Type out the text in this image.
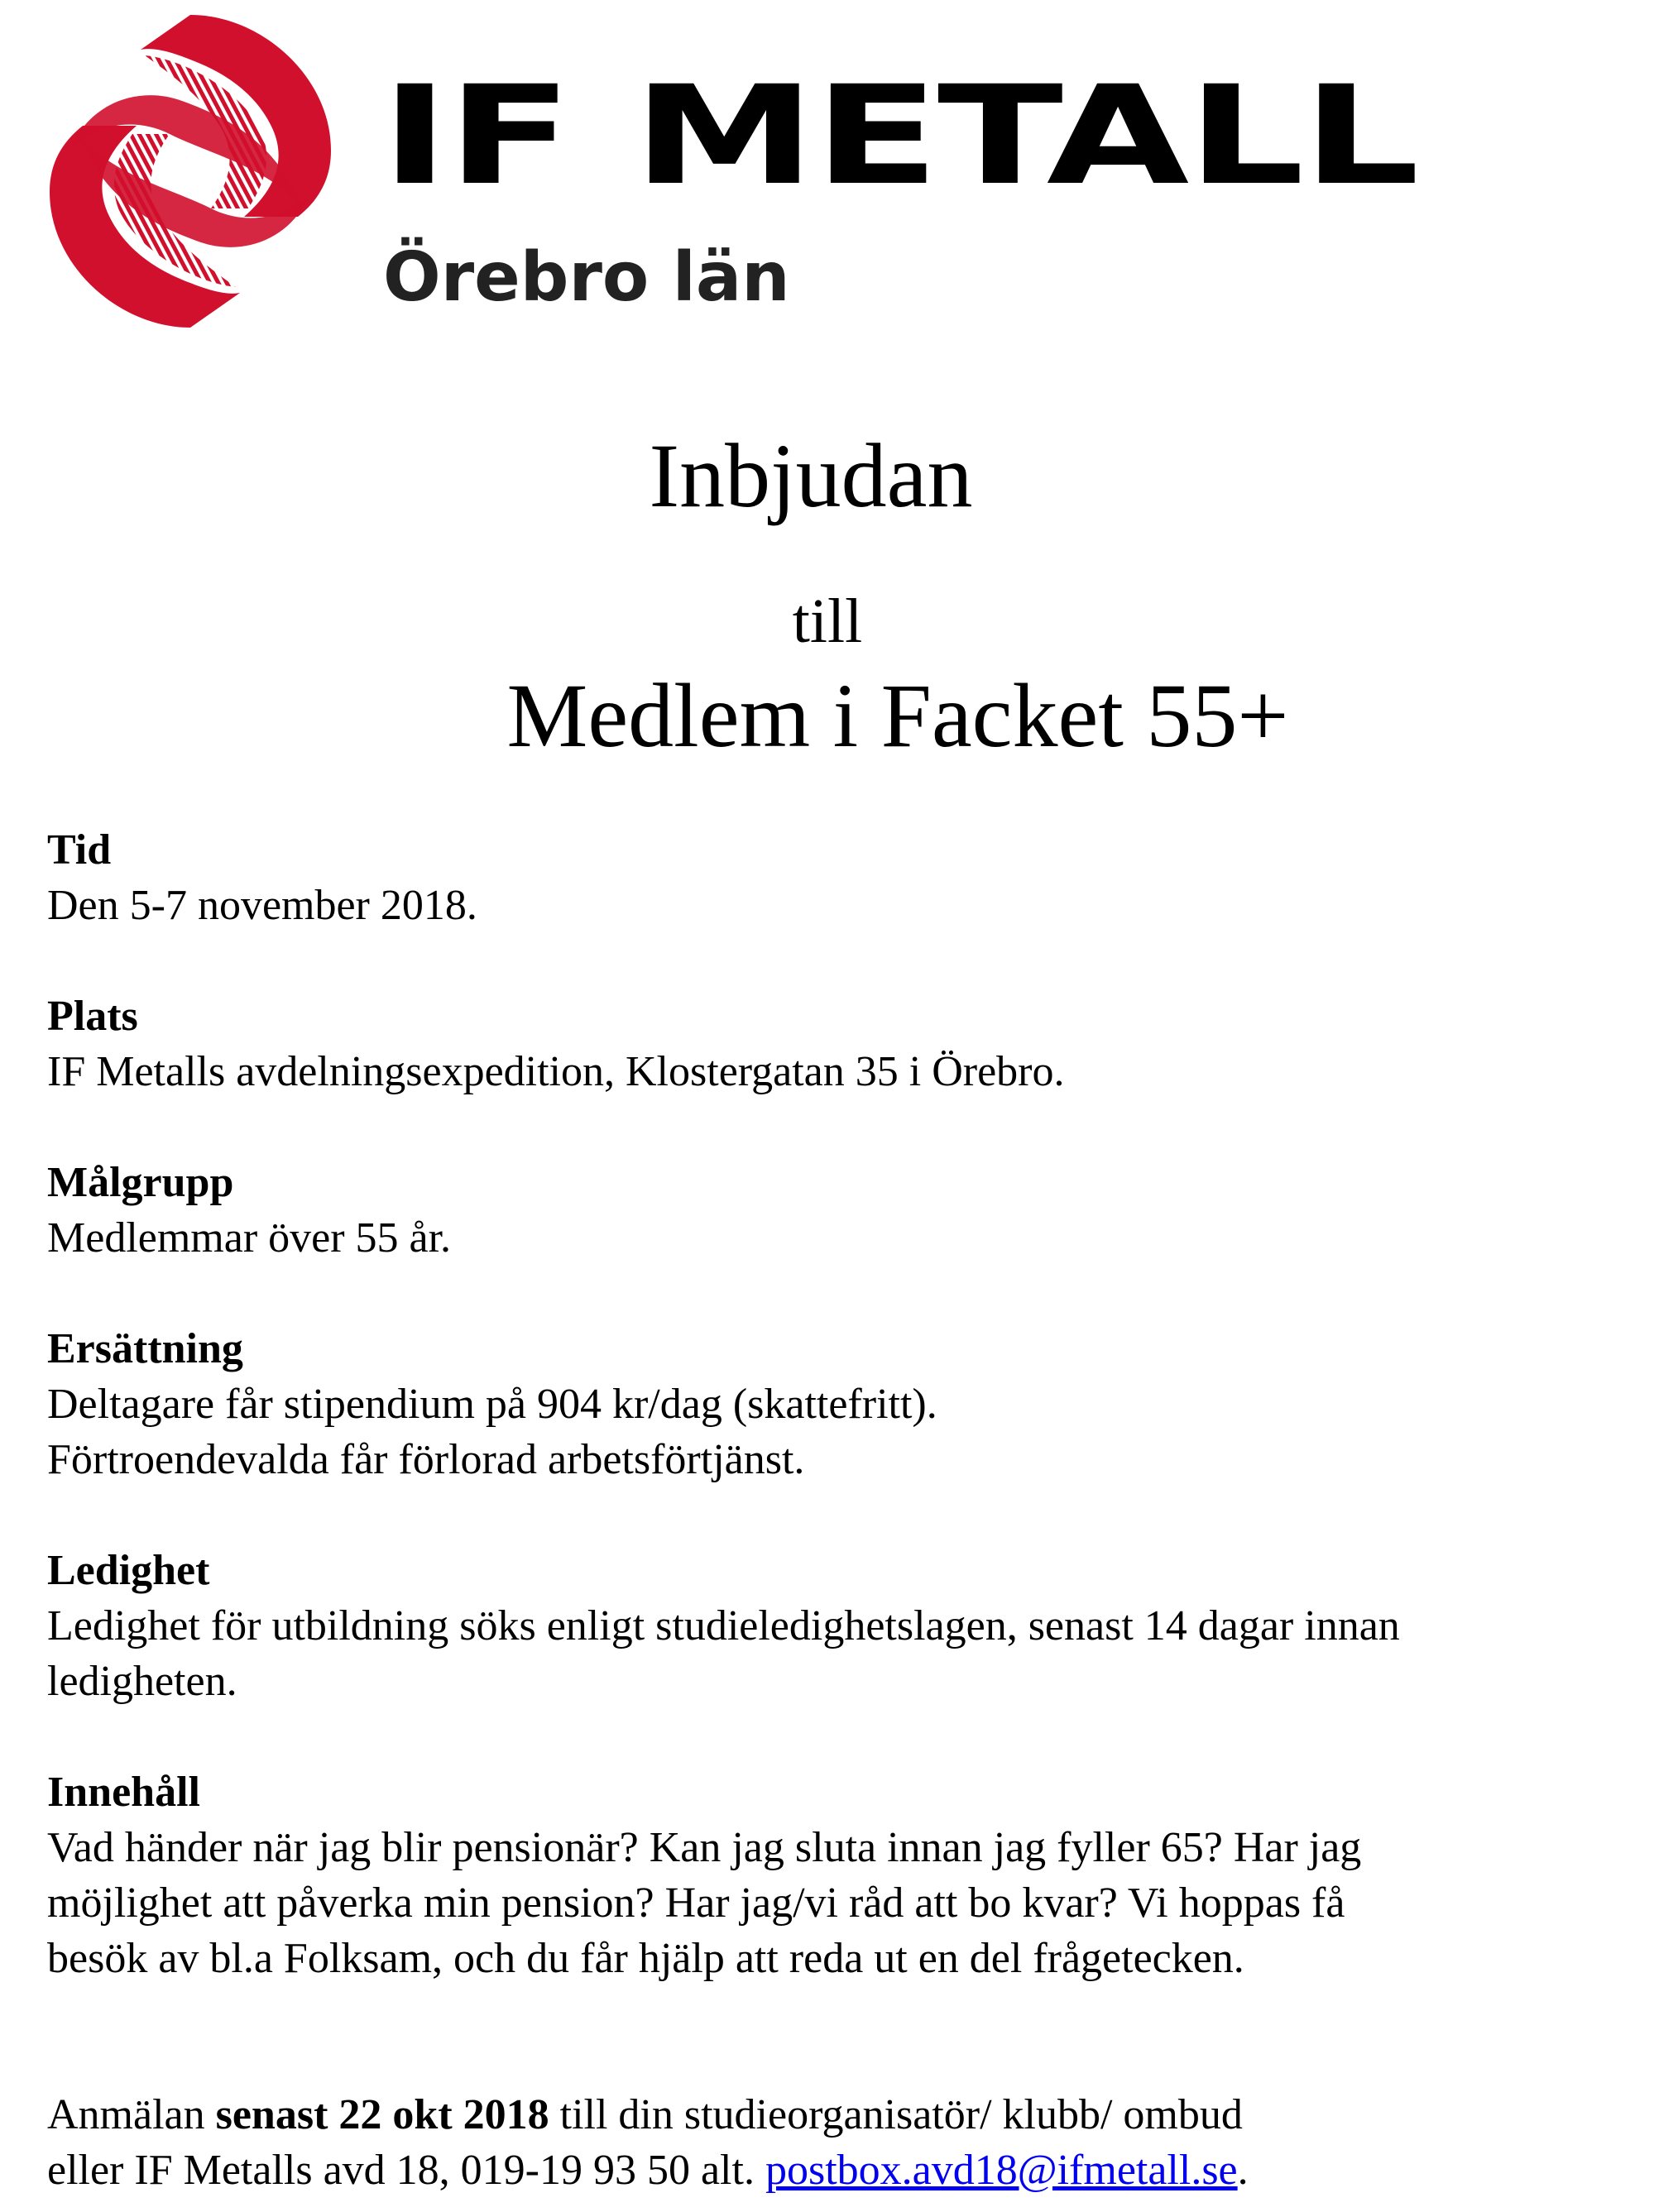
IF METALL
Örebro län
Inbjudan
till
Medlem i Facket 55+
Tid
Den 5-7 november 2018.
Plats
IF Metalls avdelningsexpedition, Klostergatan 35 i Örebro.
Målgrupp
Medlemmar över 55 år.
Ersättning
Deltagare får stipendium på 904 kr/dag (skattefritt).
Förtroendevalda får förlorad arbetsförtjänst.
Ledighet
Ledighet för utbildning söks enligt studieledighetslagen, senast 14 dagar innan
ledigheten.
Innehåll
Vad händer när jag blir pensionär? Kan jag sluta innan jag fyller 65? Har jag
möjlighet att påverka min pension? Har jag/vi råd att bo kvar? Vi hoppas få
besök av bl.a Folksam, och du får hjälp att reda ut en del frågetecken.
Anmälan senast 22 okt 2018 till din studieorganisatör/ klubb/ ombud
eller IF Metalls avd 18, 019-19 93 50 alt. postbox.avd18@ifmetall.se.
